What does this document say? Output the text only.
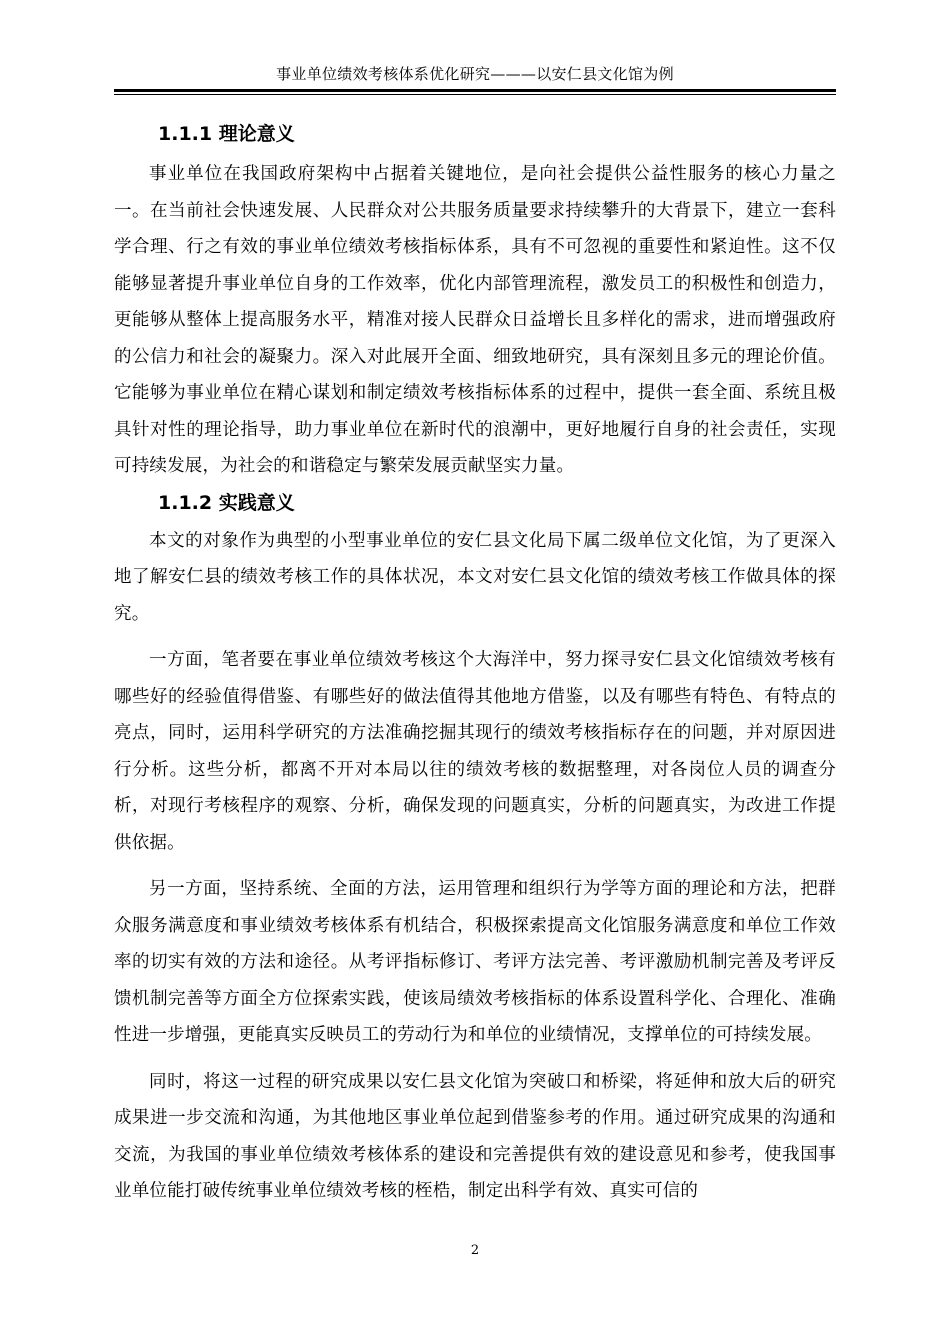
事业单位绩效考核体系优化研究———以安仁县文化馆为例
1.1.1 理论意义

事业单位在我国政府架构中占据着关键地位，是向社会提供公益性服务的核心力量之一。在当前社会快速发展、人民群众对公共服务质量要求持续攀升的大背景下，建立一套科学合理、行之有效的事业单位绩效考核指标体系，具有不可忽视的重要性和紧迫性。这不仅能够显著提升事业单位自身的工作效率，优化内部管理流程，激发员工的积极性和创造力，更能够从整体上提高服务水平，精准对接人民群众日益增长且多样化的需求，进而增强政府的公信力和社会的凝聚力。深入对此展开全面、细致地研究，具有深刻且多元的理论价值。它能够为事业单位在精心谋划和制定绩效考核指标体系的过程中，提供一套全面、系统且极具针对性的理论指导，助力事业单位在新时代的浪潮中，更好地履行自身的社会责任，实现可持续发展，为社会的和谐稳定与繁荣发展贡献坚实力量。

1.1.2 实践意义

本文的对象作为典型的小型事业单位的安仁县文化局下属二级单位文化馆，为了更深入地了解安仁县的绩效考核工作的具体状况，本文对安仁县文化馆的绩效考核工作做具体的探究。

一方面，笔者要在事业单位绩效考核这个大海洋中，努力探寻安仁县文化馆绩效考核有哪些好的经验值得借鉴、有哪些好的做法值得其他地方借鉴，以及有哪些有特色、有特点的亮点，同时，运用科学研究的方法准确挖掘其现行的绩效考核指标存在的问题，并对原因进行分析。这些分析，都离不开对本局以往的绩效考核的数据整理，对各岗位人员的调查分析，对现行考核程序的观察、分析，确保发现的问题真实，分析的问题真实，为改进工作提供依据。

另一方面，坚持系统、全面的方法，运用管理和组织行为学等方面的理论和方法，把群众服务满意度和事业绩效考核体系有机结合，积极探索提高文化馆服务满意度和单位工作效率的切实有效的方法和途径。从考评指标修订、考评方法完善、考评激励机制完善及考评反馈机制完善等方面全方位探索实践，使该局绩效考核指标的体系设置科学化、合理化、准确性进一步增强，更能真实反映员工的劳动行为和单位的业绩情况，支撑单位的可持续发展。

同时，将这一过程的研究成果以安仁县文化馆为突破口和桥梁，将延伸和放大后的研究成果进一步交流和沟通，为其他地区事业单位起到借鉴参考的作用。通过研究成果的沟通和交流，为我国的事业单位绩效考核体系的建设和完善提供有效的建设意见和参考，使我国事业单位能打破传统事业单位绩效考核的桎梏，制定出科学有效、真实可信的

2
